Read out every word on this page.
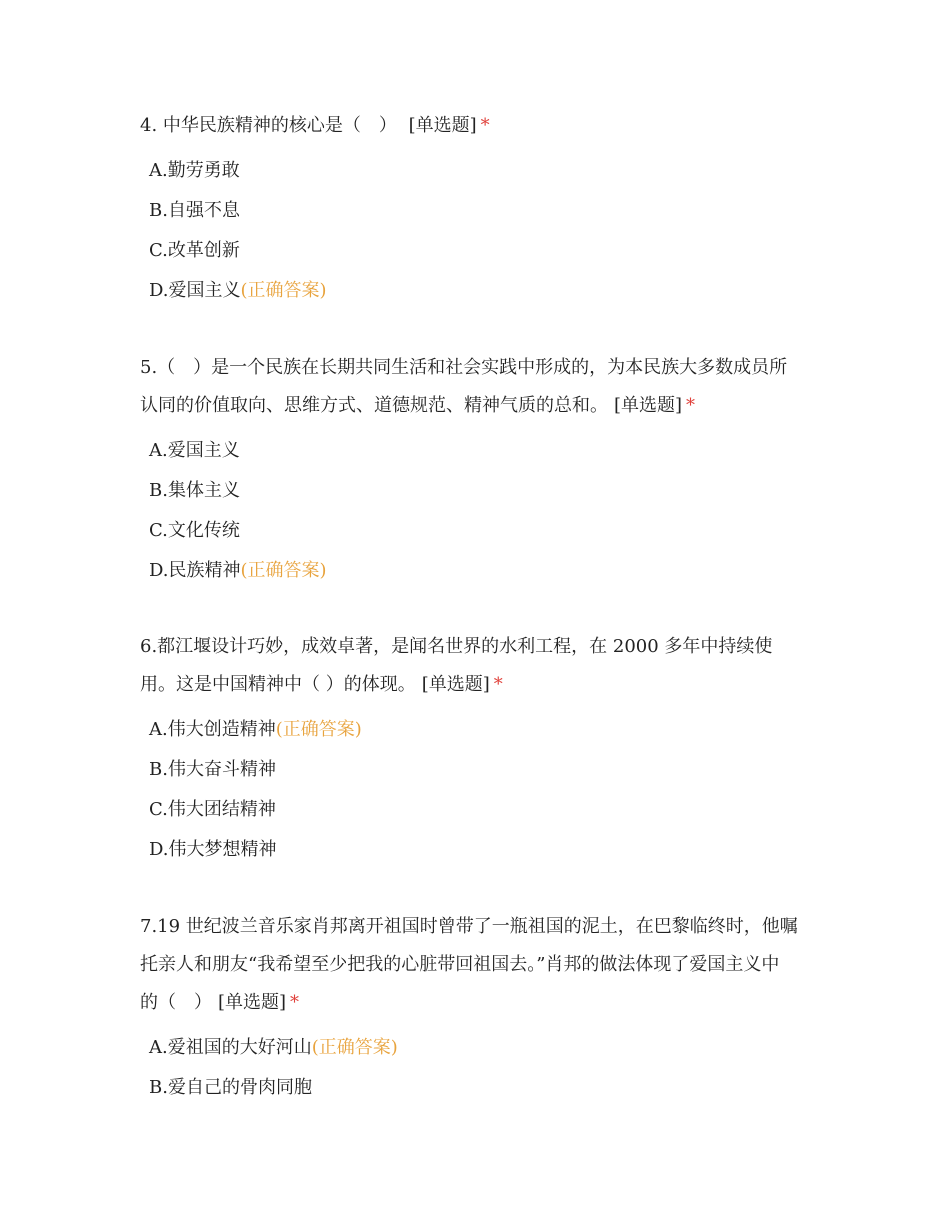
4. 中华民族精神的核心是（　） [单选题] *

A.勤劳勇敢
B.自强不息
C.改革创新
D.爱国主义(正确答案)

5.（　）是一个民族在长期共同生活和社会实践中形成的，为本民族大多数成员所
认同的价值取向、思维方式、道德规范、精神气质的总和。 [单选题] *

A.爱国主义
B.集体主义
C.文化传统
D.民族精神(正确答案)

6.都江堰设计巧妙，成效卓著，是闻名世界的水利工程，在 2000 多年中持续使
用。这是中国精神中（ ）的体现。 [单选题] *

A.伟大创造精神(正确答案)
B.伟大奋斗精神
C.伟大团结精神
D.伟大梦想精神

7.19 世纪波兰音乐家肖邦离开祖国时曾带了一瓶祖国的泥土，在巴黎临终时，他嘱
托亲人和朋友“我希望至少把我的心脏带回祖国去。”肖邦的做法体现了爱国主义中
的（　） [单选题] *

A.爱祖国的大好河山(正确答案)
B.爱自己的骨肉同胞
